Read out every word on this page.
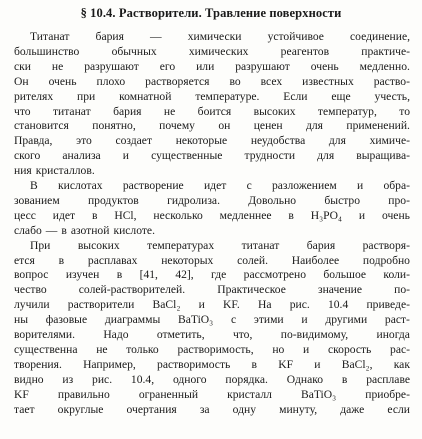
§ 10.4. Растворители. Травление поверхности
Титанат бария — химически устойчивое соединение,
большинство	обычных	химических	реагентов	практиче-
ски не разрушают его или разрушают очень медленно.
Он очень плохо растворяется во всех известных раство-
рителях при комнатной температуре. Если еще учесть,
что титанат бария не боится высоких температур, то
становится понятно, почему он ценен для применений.
Правда, это создает некоторые неудобства для химиче-
ского анализа и существенные трудности для выращива-
ния кристаллов.
В кислотах растворение идет с разложением и обра-
зованием продуктов гидролиза. Довольно быстро про-
цесс идет в HCl, несколько медленнее в H₃PO₄ и очень
слабо — в азотной кислоте.
При высоких температурах титанат бария растворя-
ется в расплавах некоторых солей. Наиболее подробно
вопрос изучен в [41, 42], где рассмотрено большое коли-
чество	солей-растворителей.	Практическое	значение	по-
лучили растворители BaCl₂ и KF. На рис. 10.4 приведе-
ны фазовые диаграммы BaTiO₃ с этими и другими раст-
ворителями. Надо отметить, что, по-видимому, иногда
существенна не только растворимость, но и скорость рас-
творения. Например, растворимость в KF и BaCl₂, как
видно из рис. 10.4, одного порядка. Однако в расплаве
KF	правильно	ограненный	кристалл	BaTiO₃	приобре-
тает округлые очертания за одну минуту, даже если
